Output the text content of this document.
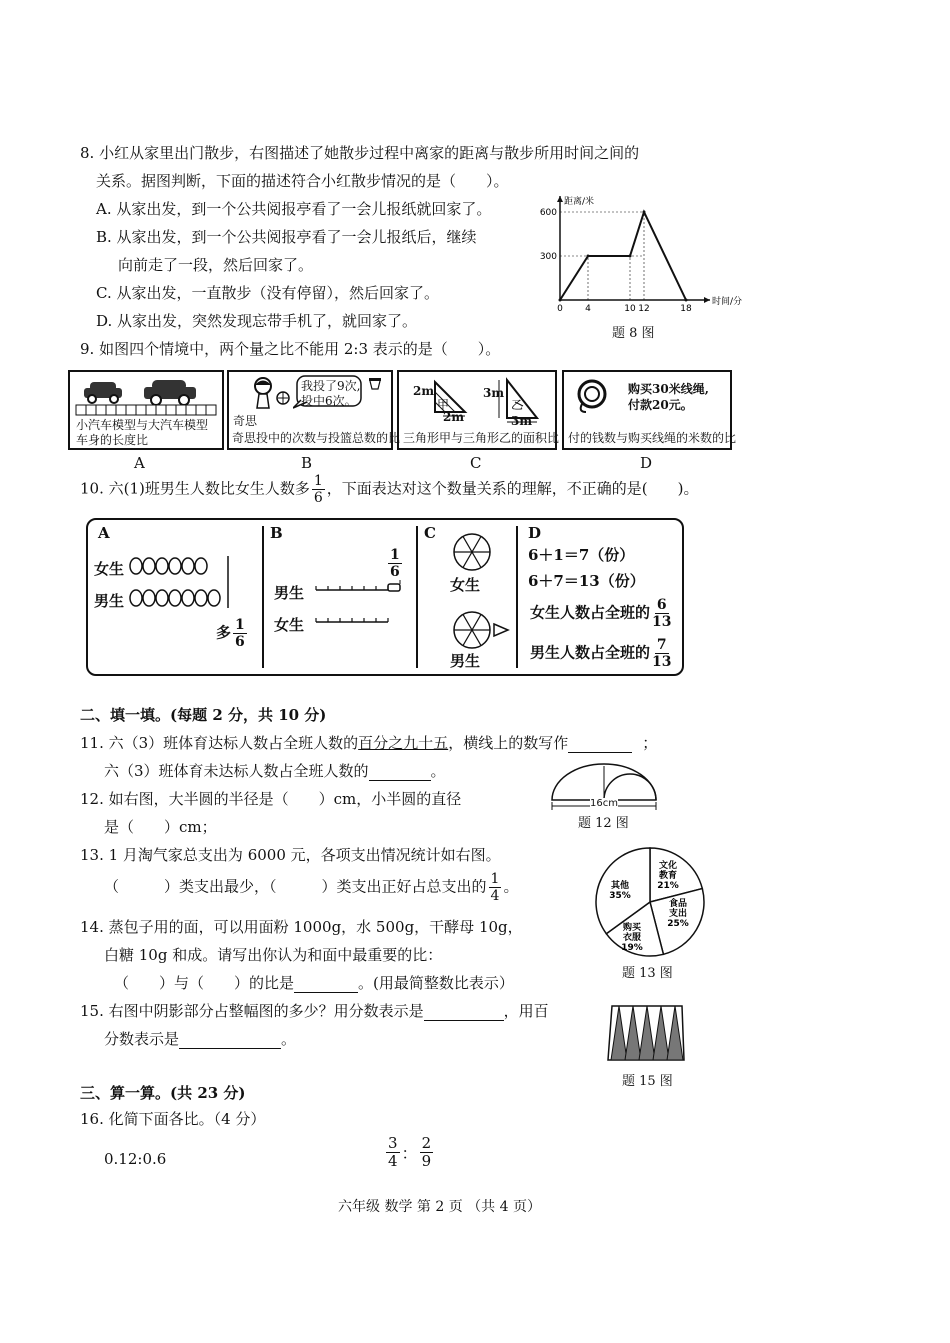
8. 小红从家里出门散步，右图描述了她散步过程中离家的距离与散步所用时间之间的
关系。据图判断，下面的描述符合小红散步情况的是（　　）。
A. 从家出发，到一个公共阅报亭看了一会儿报纸就回家了。
B. 从家出发，到一个公共阅报亭看了一会儿报纸后，继续
向前走了一段，然后回家了。
C. 从家出发，一直散步（没有停留），然后回家了。
D. 从家出发，突然发现忘带手机了，就回家了。
距离/米
时间/分
300
600
0 4	10 12	18
题 8 图
9. 如图四个情境中，两个量之比不能用 2:3 表示的是（　　）。
小汽车模型与大汽车模型
车身的长度比
A
我投了9次,
投中6次。
奇思
奇思投中的次数与投篮总数的比
B
2m
2m
3m
3m
甲	乙
三角形甲与三角形乙的面积比
C
购买30米线绳,
付款20元。
付的钱数与购买线绳的米数的比
D
10. 六(1)班男生人数比女生人数多 $\frac{1}{6}$ ，下面表达对这个数量关系的理解，不正确的是(　　)。
A
女生
男生
多 $\frac{1}{6}$
B
$\frac{1}{6}$
男生
女生
C
女生
男生
D
6＋1＝7（份）
6＋7＝13（份）
女生人数占全班的 $\frac{6}{13}$
男生人数占全班的 $\frac{7}{13}$
二、填一填。(每题 2 分，共 10 分)
11. 六（3）班体育达标人数占全班人数的百分之九十五，横线上的数写作	；
六（3）班体育未达标人数占全班人数的	。
12. 如右图，大半圆的半径是（　　）cm，小半圆的直径
是（　　）cm；
16cm
题 12 图
13. 1 月淘气家总支出为 6000 元，各项支出情况统计如右图。
（　　　）类支出最少，（　　　）类支出正好占总支出的 $\frac{1}{4}$ 。
文化
教育
21%
食品
支出
25%
购买
衣服
19%
其他
35%
题 13 图
14. 蒸包子用的面，可以用面粉 1000g，水 500g，干酵母 10g，
白糖 10g 和成。请写出你认为和面中最重要的比：
（　　）与（　　）的比是	。(用最简整数比表示）
15. 右图中阴影部分占整幅图的多少？用分数表示是	，用百
分数表示是	。
题 15 图
三、算一算。(共 23 分)
16. 化简下面各比。（4 分）
0.12:0.6	$\frac{3}{4}$ ： $\frac{2}{9}$
六年级 数学 第 2 页 （共 4 页）
